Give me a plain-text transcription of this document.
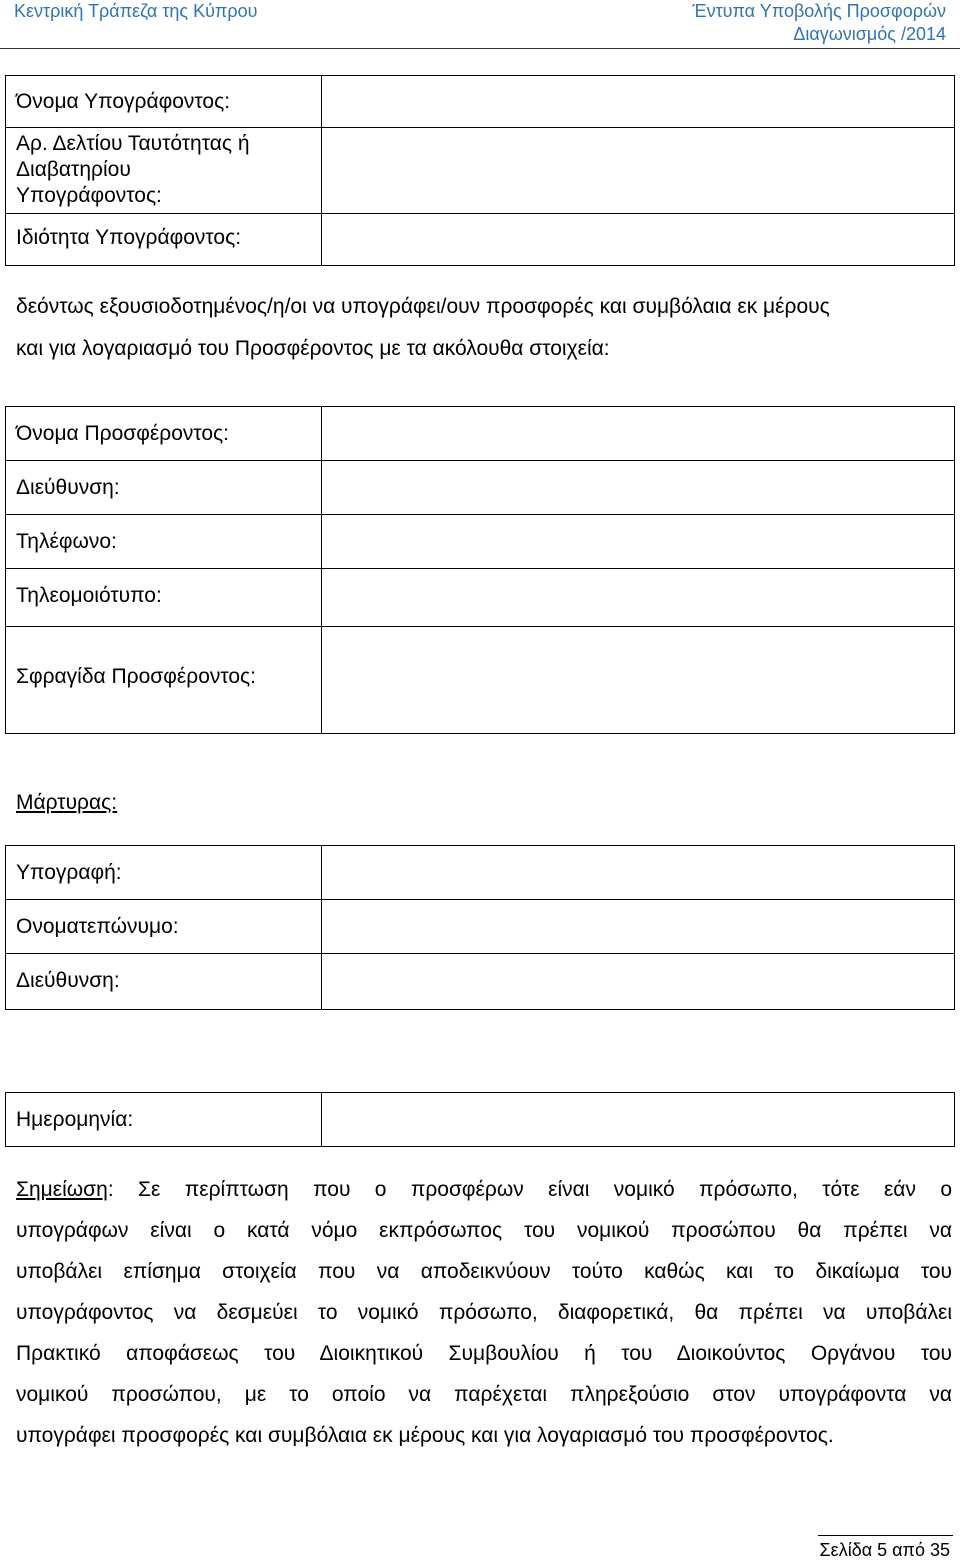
Κεντρική Τράπεζα της Κύπρου	Έντυπα Υποβολής Προσφορών
Διαγωνισμός /2014
Όνομα Υπογράφοντος:	

Αρ. Δελτίου Ταυτότητας ή
Διαβατηρίου
Υπογράφοντος:	

Ιδιότητα Υπογράφοντος:	

δεόντως εξουσιοδοτημένος/η/οι να υπογράφει/ουν προσφορές και συμβόλαια εκ μέρους
και για λογαριασμό του Προσφέροντος με τα ακόλουθα στοιχεία:
Όνομα Προσφέροντος:	

Διεύθυνση:	

Τηλέφωνο:	

Τηλεομοιότυπο:	

Σφραγίδα Προσφέροντος:	

Μάρτυρας:
Υπογραφή:	

Ονοματεπώνυμο:	

Διεύθυνση:	

Ημερομηνία:

Σημείωση: Σε περίπτωση που ο προσφέρων είναι νομικό πρόσωπο, τότε εάν ο
υπογράφων είναι ο κατά νόμο εκπρόσωπος του νομικού προσώπου θα πρέπει να
υποβάλει επίσημα στοιχεία που να αποδεικνύουν τούτο καθώς και το δικαίωμα του
υπογράφοντος να δεσμεύει το νομικό πρόσωπο, διαφορετικά, θα πρέπει να υποβάλει
Πρακτικό αποφάσεως του Διοικητικού Συμβουλίου ή του Διοικούντος Οργάνου του
νομικού προσώπου, με το οποίο να παρέχεται πληρεξούσιο στον υπογράφοντα να
υπογράφει προσφορές και συμβόλαια εκ μέρους και για λογαριασμό του προσφέροντος.
Σελίδα 5 από 35
